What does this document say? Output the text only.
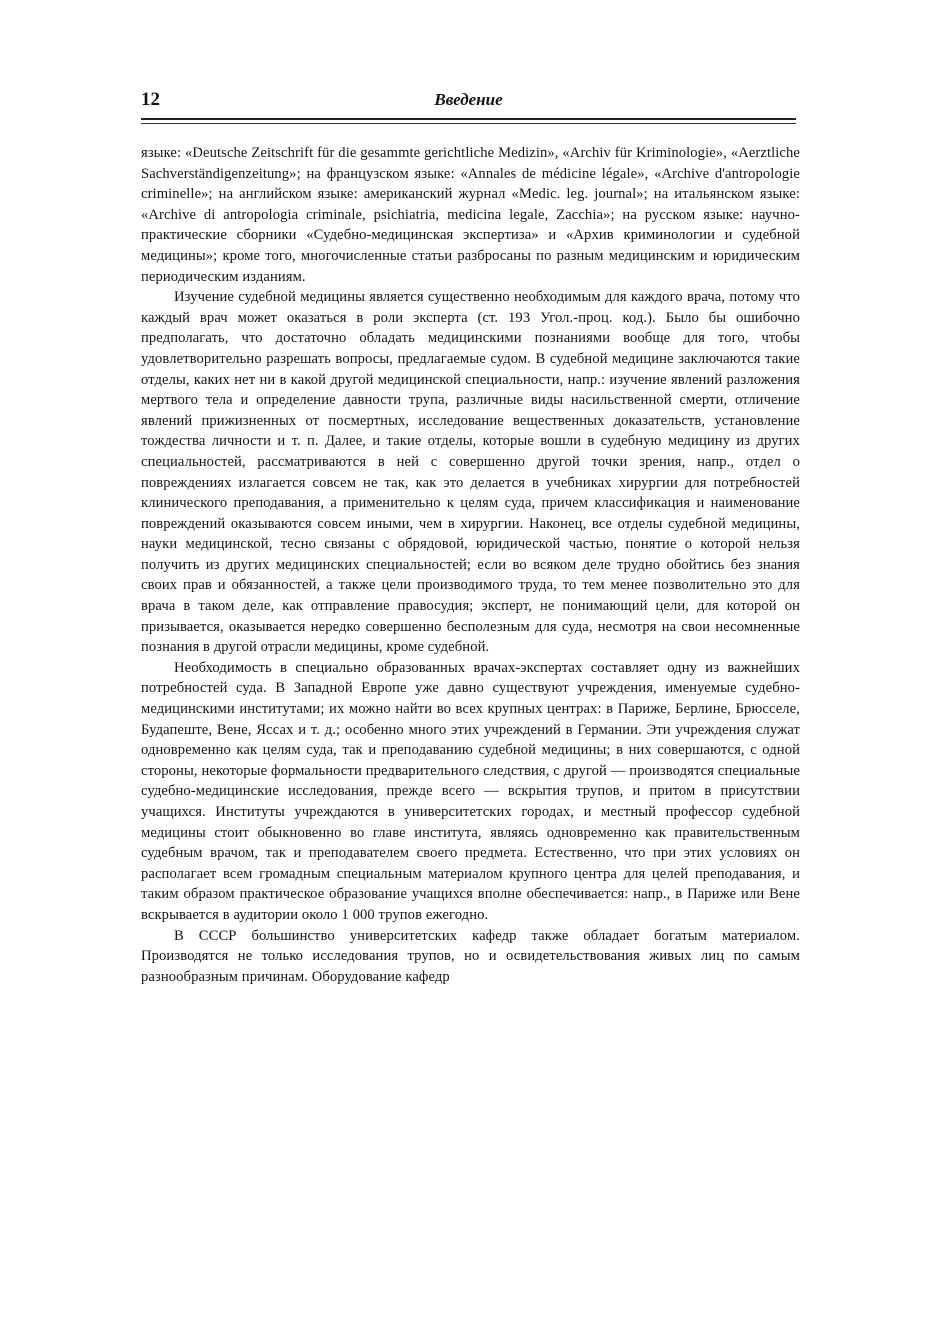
12	Введение

языке: «Deutsche Zeitschrift für die gesammte gerichtliche Medizin», «Archiv für Kriminologie», «Aerztliche Sachverständigenzeitung»; на французском языке: «Annales de médicine légale», «Archive d'antropologie criminelle»; на английском языке: американский журнал «Medic. leg. journal»; на итальянском языке: «Archive di antropologia criminale, psichiatria, medicina legale, Zacchia»; на русском языке: научно-практические сборники «Судебно-медицинская экспертиза» и «Архив криминологии и судебной медицины»; кроме того, многочисленные статьи разбросаны по разным медицинским и юридическим периодическим изданиям.

Изучение судебной медицины является существенно необходимым для каждого врача, потому что каждый врач может оказаться в роли эксперта (ст. 193 Угол.-проц. код.). Было бы ошибочно предполагать, что достаточно обладать медицинскими познаниями вообще для того, чтобы удовлетворительно разрешать вопросы, предлагаемые судом. В судебной медицине заключаются такие отделы, каких нет ни в какой другой медицинской специальности, напр.: изучение явлений разложения мертвого тела и определение давности трупа, различные виды насильственной смерти, отличение явлений прижизненных от посмертных, исследование вещественных доказательств, установление тождества личности и т. п. Далее, и такие отделы, которые вошли в судебную медицину из других специальностей, рассматриваются в ней с совершенно другой точки зрения, напр., отдел о повреждениях излагается совсем не так, как это делается в учебниках хирургии для потребностей клинического преподавания, а применительно к целям суда, причем классификация и наименование повреждений оказываются совсем иными, чем в хирургии. Наконец, все отделы судебной медицины, науки медицинской, тесно связаны с обрядовой, юридической частью, понятие о которой нельзя получить из других медицинских специальностей; если во всяком деле трудно обойтись без знания своих прав и обязанностей, а также цели производимого труда, то тем менее позволительно это для врача в таком деле, как отправление правосудия; эксперт, не понимающий цели, для которой он призывается, оказывается нередко совершенно бесполезным для суда, несмотря на свои несомненные познания в другой отрасли медицины, кроме судебной.

Необходимость в специально образованных врачах-экспертах составляет одну из важнейших потребностей суда. В Западной Европе уже давно существуют учреждения, именуемые судебно-медицинскими институтами; их можно найти во всех крупных центрах: в Париже, Берлине, Брюсселе, Будапеште, Вене, Яссах и т. д.; особенно много этих учреждений в Германии. Эти учреждения служат одновременно как целям суда, так и преподаванию судебной медицины; в них совершаются, с одной стороны, некоторые формальности предварительного следствия, с другой — производятся специальные судебно-медицинские исследования, прежде всего — вскрытия трупов, и притом в присутствии учащихся. Институты учреждаются в университетских городах, и местный профессор судебной медицины стоит обыкновенно во главе института, являясь одновременно как правительственным судебным врачом, так и преподавателем своего предмета. Естественно, что при этих условиях он располагает всем громадным специальным материалом крупного центра для целей преподавания, и таким образом практическое образование учащихся вполне обеспечивается: напр., в Париже или Вене вскрывается в аудитории около 1 000 трупов ежегодно.

В СССР большинство университетских кафедр также обладает богатым материалом. Производятся не только исследования трупов, но и освидетельствования живых лиц по самым разнообразным причинам. Оборудование кафедр
